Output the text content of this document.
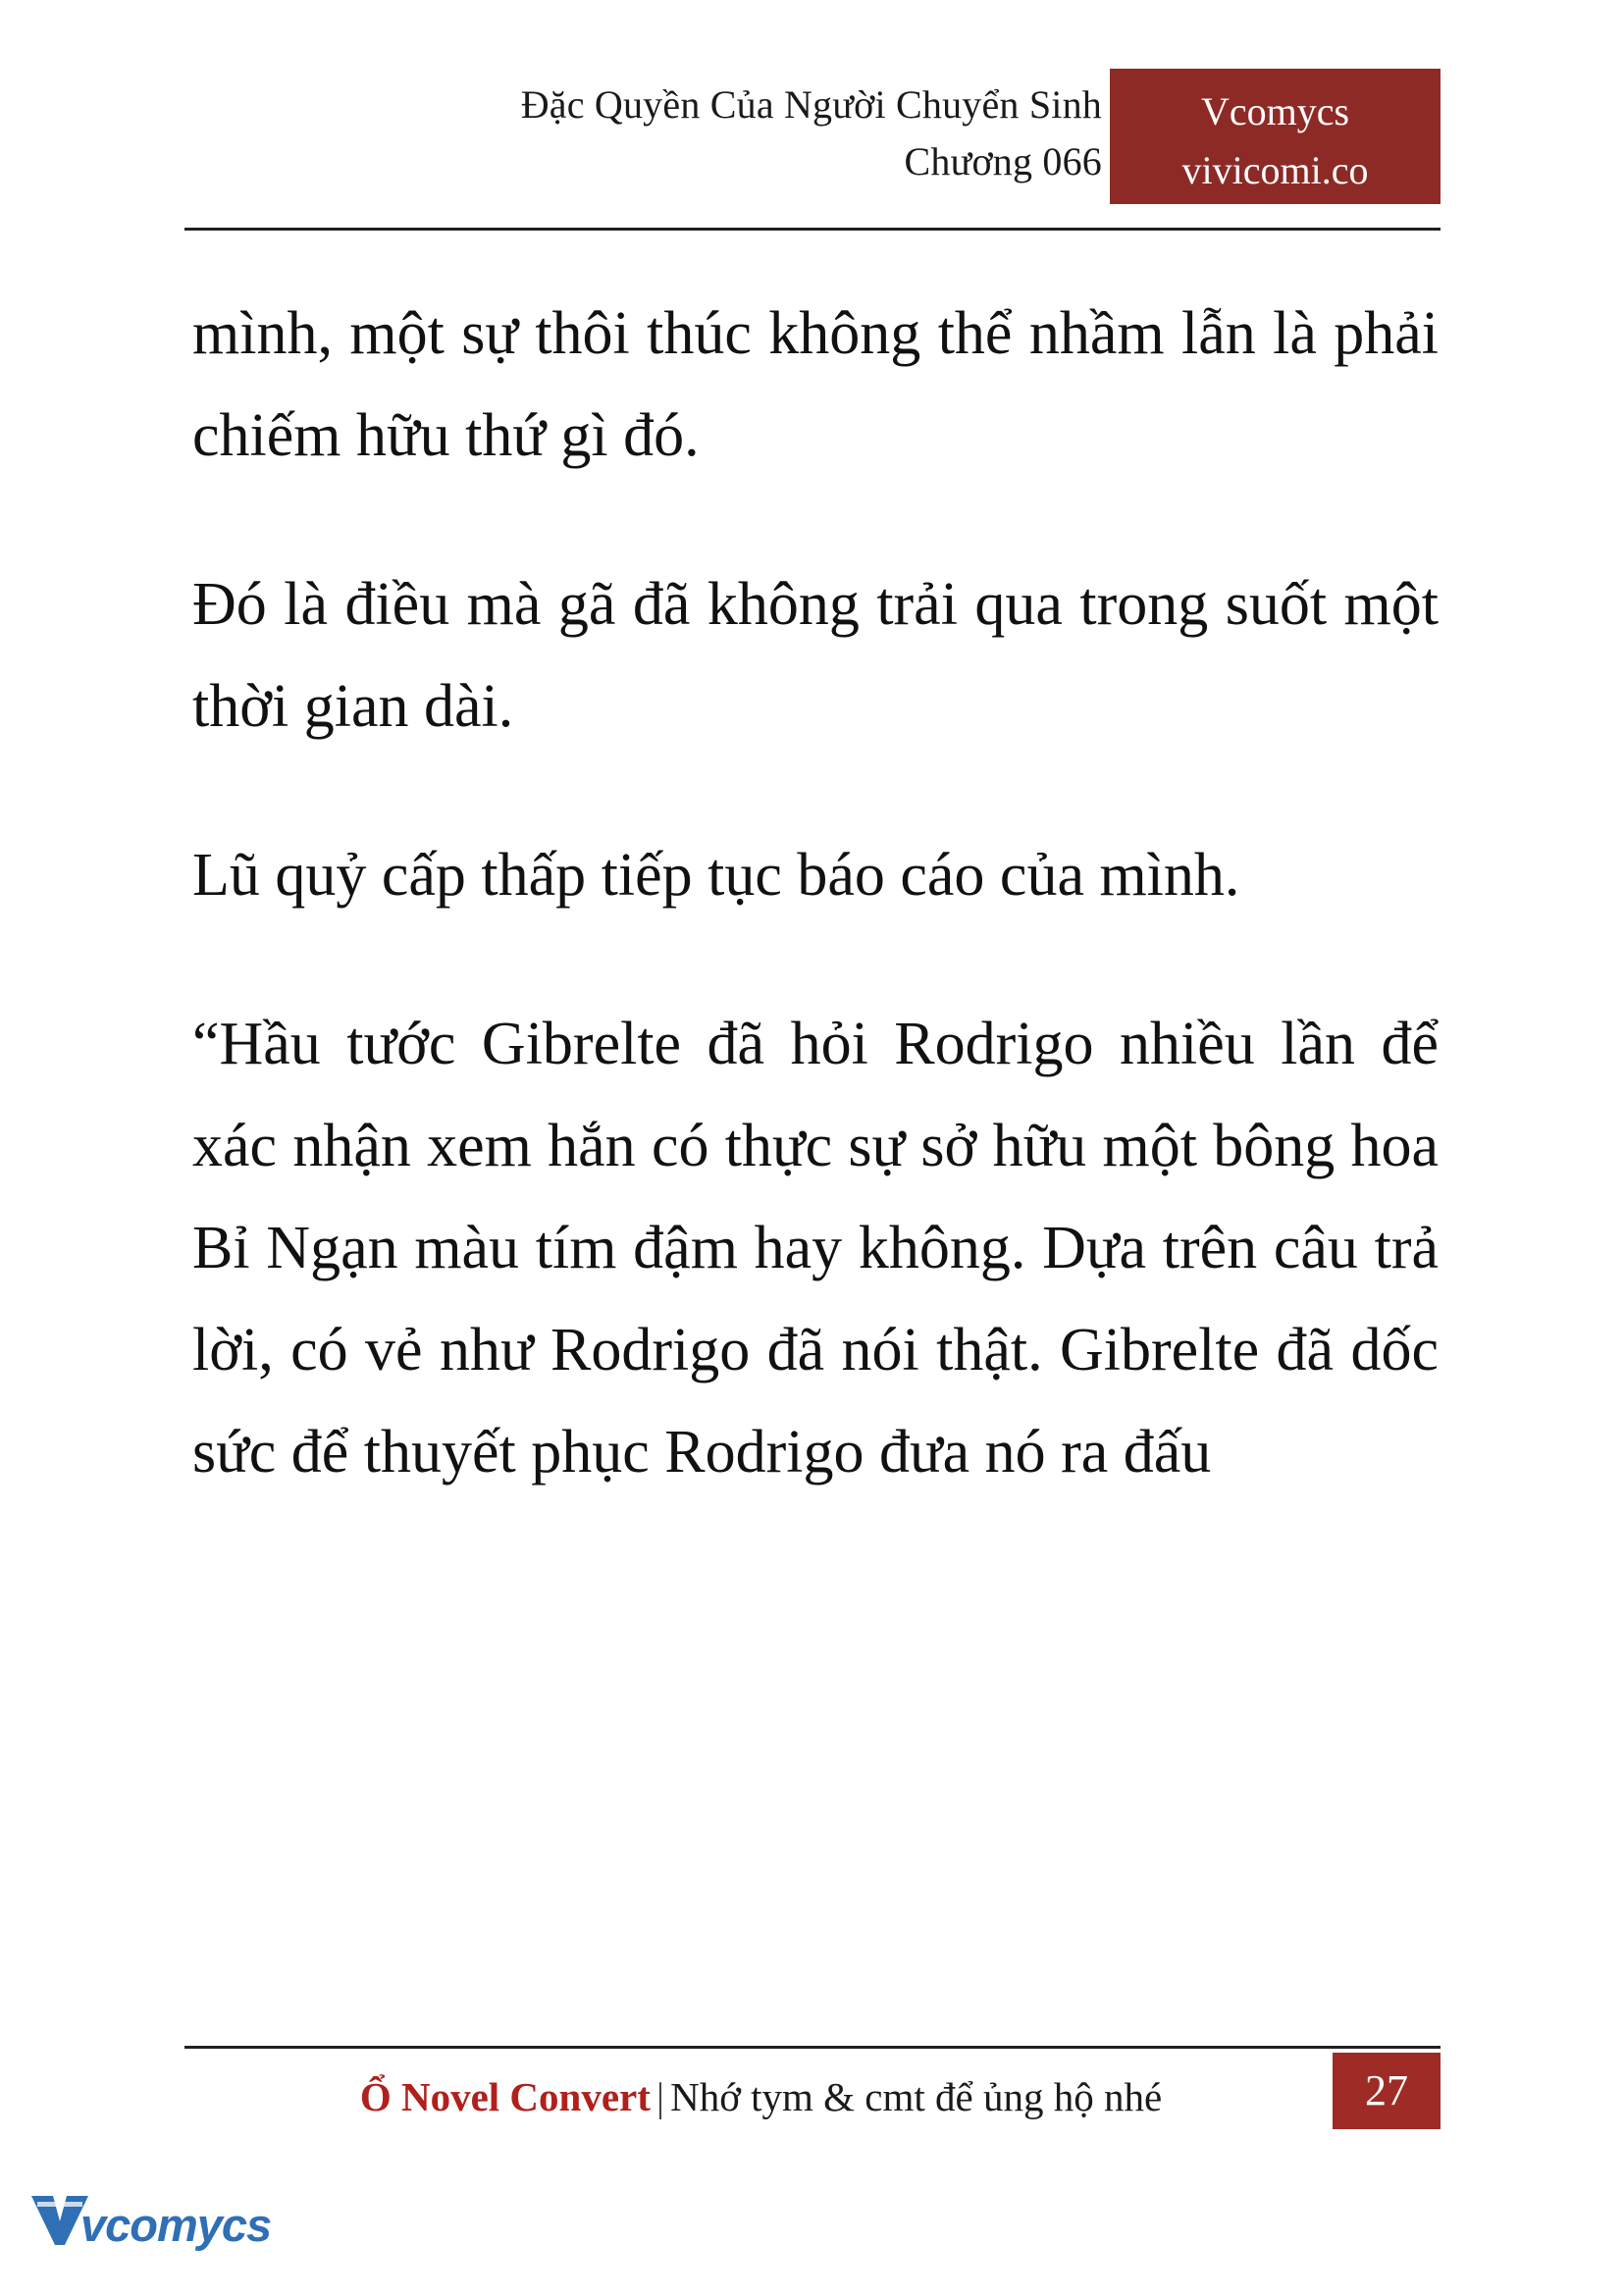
Đặc Quyền Của Người Chuyển Sinh
Chương 066
Vcomycs
vivicomi.co

mình, một sự thôi thúc không thể nhầm lẫn là phải chiếm hữu thứ gì đó.

Đó là điều mà gã đã không trải qua trong suốt một thời gian dài.

Lũ quỷ cấp thấp tiếp tục báo cáo của mình.

“Hầu tước Gibrelte đã hỏi Rodrigo nhiều lần để xác nhận xem hắn có thực sự sở hữu một bông hoa Bỉ Ngạn màu tím đậm hay không. Dựa trên câu trả lời, có vẻ như Rodrigo đã nói thật. Gibrelte đã dốc sức để thuyết phục Rodrigo đưa nó ra đấu

Ổ Novel Convert | Nhớ tym & cmt để ủng hộ nhé	27
vcomycs
